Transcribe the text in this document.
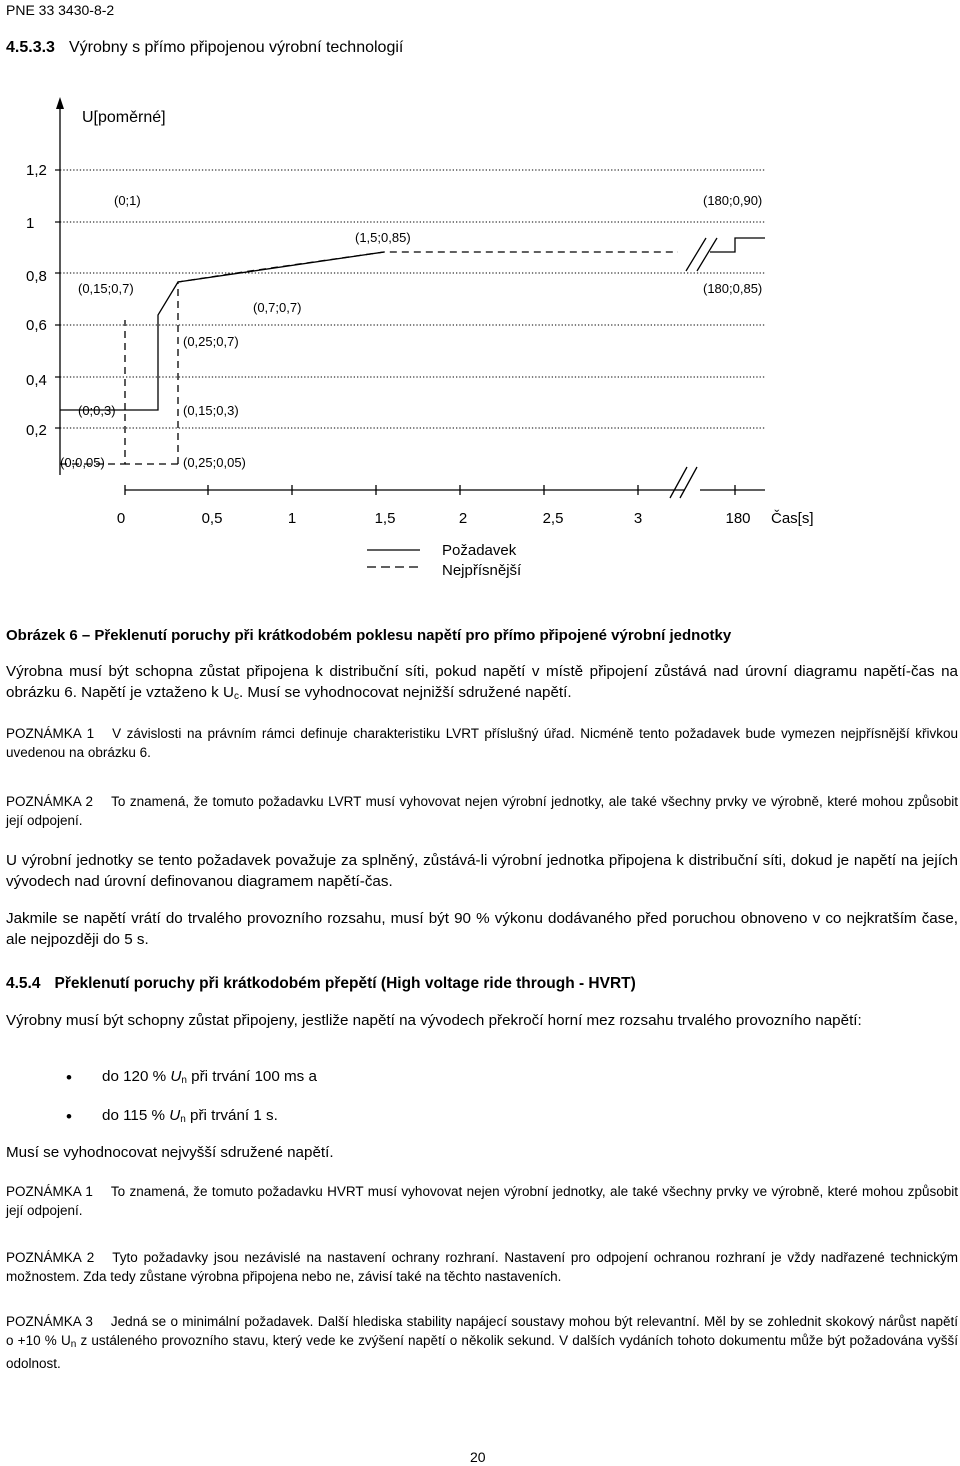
PNE 33 3430-8-2
4.5.3.3 Výrobny s přímo připojenou výrobní technologií
U[poměrné]
1,2
1
0,8
0,6
0,4
0,2
(0;1)	(180;0,90)
(1,5;0,85)
(0,15;0,7)	(180;0,85)
(0,7;0,7)
(0,25;0,7)
(0;0,3)	(0,15;0,3)
(0;0,05)	(0,25;0,05)
0	0,5	1	1,5	2	2,5	3	180 Čas[s]
Požadavek
Nejpřísnější
Obrázek 6 – Překlenutí poruchy při krátkodobém poklesu napětí pro přímo připojené výrobní jednotky
Výrobna musí být schopna zůstat připojena k distribuční síti, pokud napětí v místě připojení zůstává nad úrovní diagramu napětí-čas na obrázku 6. Napětí je vztaženo k $U_c$. Musí se vyhodnocovat nejnižší sdružené napětí.
POZNÁMKA 1 V závislosti na právním rámci definuje charakteristiku LVRT příslušný úřad. Nicméně tento požadavek bude vymezen nejpřísnější křivkou uvedenou na obrázku 6.
POZNÁMKA 2 To znamená, že tomuto požadavku LVRT musí vyhovovat nejen výrobní jednotky, ale také všechny prvky ve výrobně, které mohou způsobit její odpojení.
U výrobní jednotky se tento požadavek považuje za splněný, zůstává-li výrobní jednotka připojena k distribuční síti, dokud je napětí na jejích vývodech nad úrovní definovanou diagramem napětí-čas.
Jakmile se napětí vrátí do trvalého provozního rozsahu, musí být 90 % výkonu dodávaného před poruchou obnoveno v co nejkratším čase, ale nejpozději do 5 s.
4.5.4 Překlenutí poruchy při krátkodobém přepětí (High voltage ride through - HVRT)
Výrobny musí být schopny zůstat připojeny, jestliže napětí na vývodech překročí horní mez rozsahu trvalého provozního napětí:
• do 120 % $U_n$ při trvání 100 ms a
• do 115 % $U_n$ při trvání 1 s.
Musí se vyhodnocovat nejvyšší sdružené napětí.
POZNÁMKA 1 To znamená, že tomuto požadavku HVRT musí vyhovovat nejen výrobní jednotky, ale také všechny prvky ve výrobně, které mohou způsobit její odpojení.
POZNÁMKA 2 Tyto požadavky jsou nezávislé na nastavení ochrany rozhraní. Nastavení pro odpojení ochranou rozhraní je vždy nadřazené technickým možnostem. Zda tedy zůstane výrobna připojena nebo ne, závisí také na těchto nastaveních.
POZNÁMKA 3 Jedná se o minimální požadavek. Další hlediska stability napájecí soustavy mohou být relevantní. Měl by se zohlednit skokový nárůst napětí o +10 % $U_n$ z ustáleného provozního stavu, který vede ke zvýšení napětí o několik sekund. V dalších vydáních tohoto dokumentu může být požadována vyšší odolnost.
20
